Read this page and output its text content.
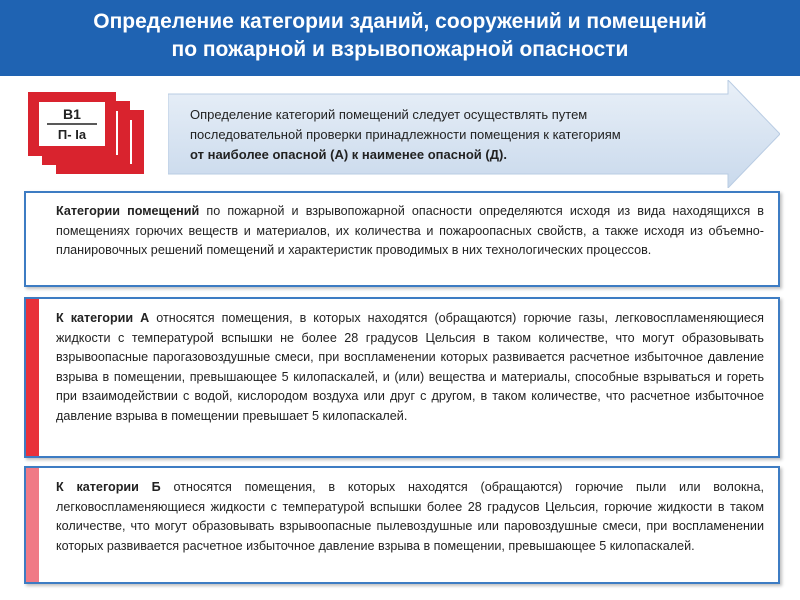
Определение категории зданий, сооружений и помещений
по пожарной и взрывопожарной опасности
В1
П- Ia
Определение категорий помещений следует осуществлять путем
последовательной проверки принадлежности помещения к категориям
от наиболее опасной (А) к наименее опасной (Д).
Категории помещений по пожарной и взрывопожарной опасности определяются исходя из вида находящихся в помещениях горючих веществ и материалов, их количества и пожароопасных свойств, а также исходя из объемно-планировочных решений помещений и характеристик проводимых в них технологических процессов.
К категории А относятся помещения, в которых находятся (обращаются) горючие газы, легковоспламеняющиеся жидкости с температурой вспышки не более 28 градусов Цельсия в таком количестве, что могут образовывать взрывоопасные парогазовоздушные смеси, при воспламенении которых развивается расчетное избыточное давление взрыва в помещении, превышающее 5 килопаскалей, и (или) вещества и материалы, способные взрываться и гореть при взаимодействии с водой, кислородом воздуха или друг с другом, в таком количестве, что расчетное избыточное давление взрыва в помещении превышает 5 килопаскалей.
К категории Б относятся помещения, в которых находятся (обращаются) горючие пыли или волокна, легковоспламеняющиеся жидкости с температурой вспышки более 28 градусов Цельсия, горючие жидкости в таком количестве, что могут образовывать взрывоопасные пылевоздушные или паровоздушные смеси, при воспламенении которых развивается расчетное избыточное давление взрыва в помещении, превышающее 5 килопаскалей.
